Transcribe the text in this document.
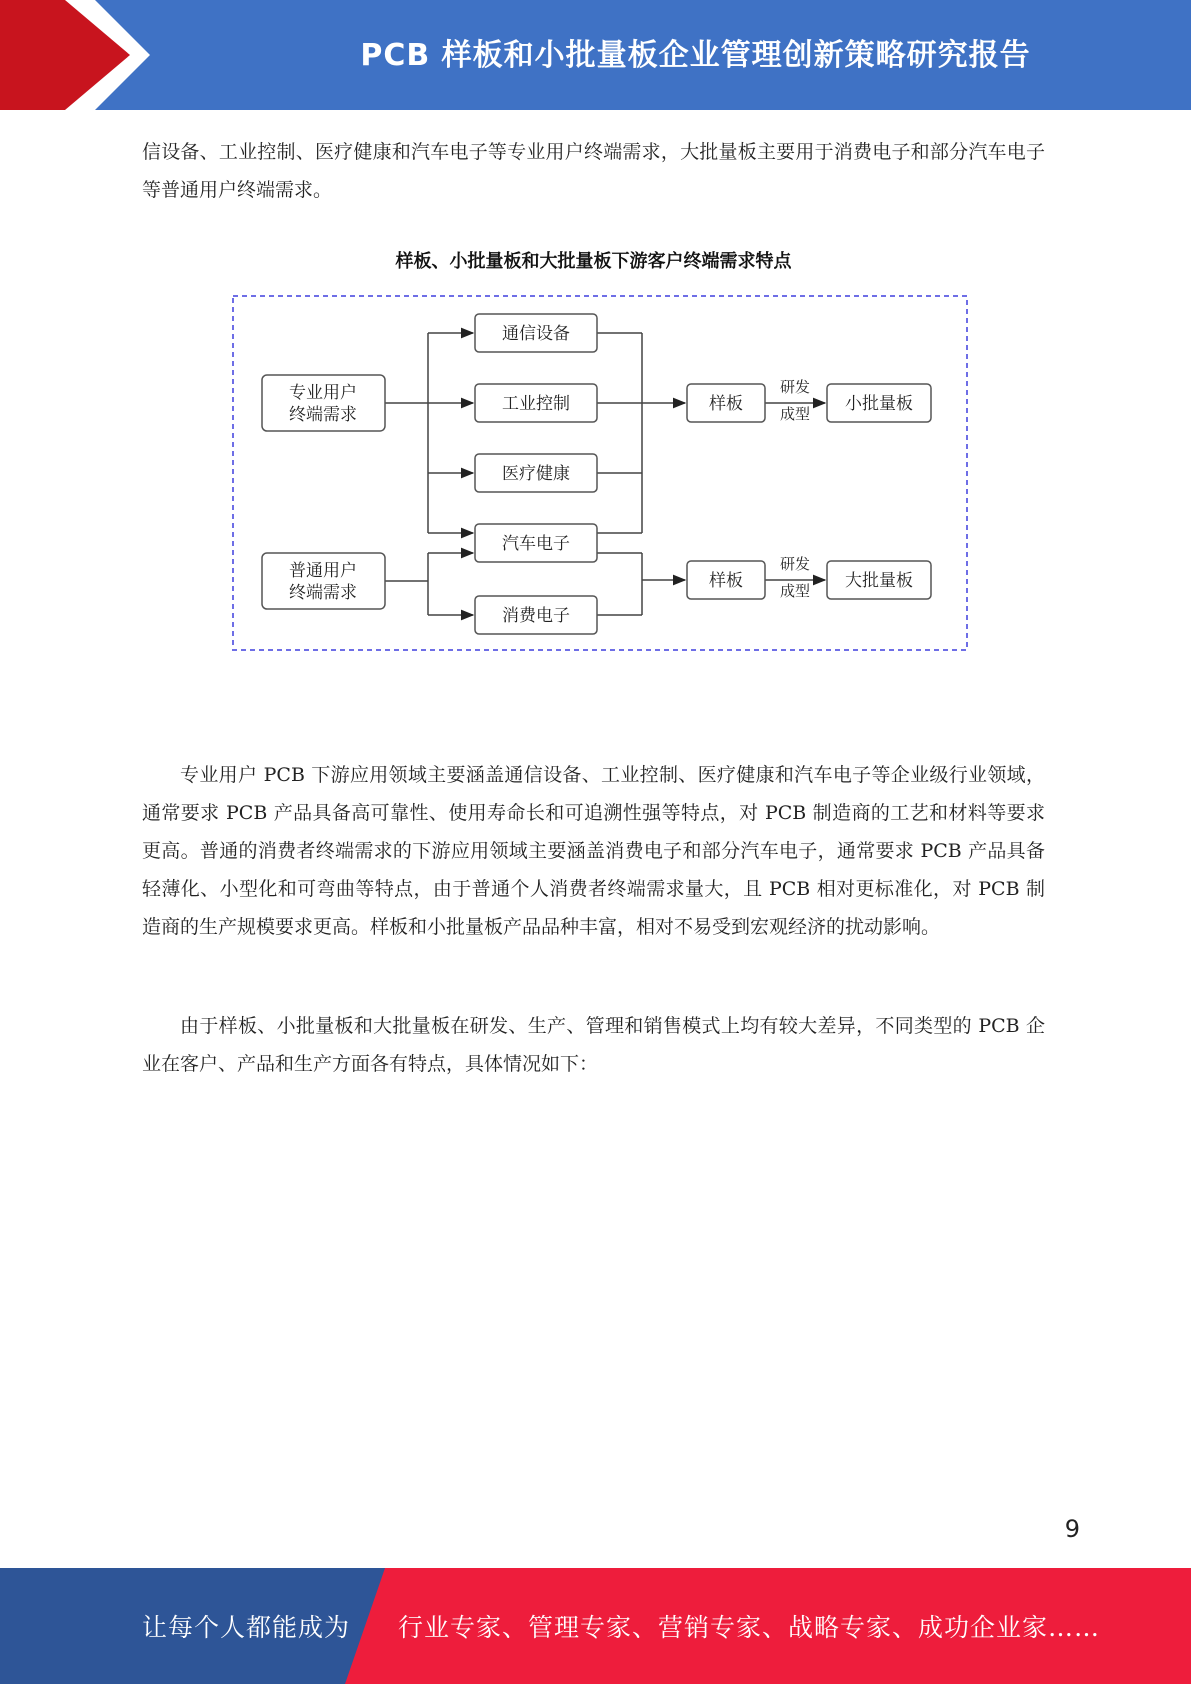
PCB 样板和小批量板企业管理创新策略研究报告

信设备、工业控制、医疗健康和汽车电子等专业用户终端需求，大批量板主要用于消费电子和部分汽车电子等普通用户终端需求。

样板、小批量板和大批量板下游客户终端需求特点
专业用户
终端需求
普通用户
终端需求
通信设备
工业控制
医疗健康
汽车电子
消费电子
样板
样板
小批量板
大批量板
研发
成型
研发
成型

专业用户 PCB 下游应用领域主要涵盖通信设备、工业控制、医疗健康和汽车电子等企业级行业领域，通常要求 PCB 产品具备高可靠性、使用寿命长和可追溯性强等特点，对 PCB 制造商的工艺和材料等要求更高。普通的消费者终端需求的下游应用领域主要涵盖消费电子和部分汽车电子，通常要求 PCB 产品具备轻薄化、小型化和可弯曲等特点，由于普通个人消费者终端需求量大，且 PCB 相对更标准化，对 PCB 制造商的生产规模要求更高。样板和小批量板产品品种丰富，相对不易受到宏观经济的扰动影响。

由于样板、小批量板和大批量板在研发、生产、管理和销售模式上均有较大差异，不同类型的 PCB 企业在客户、产品和生产方面各有特点，具体情况如下：

9
让每个人都能成为 行业专家、管理专家、营销专家、战略专家、成功企业家……
